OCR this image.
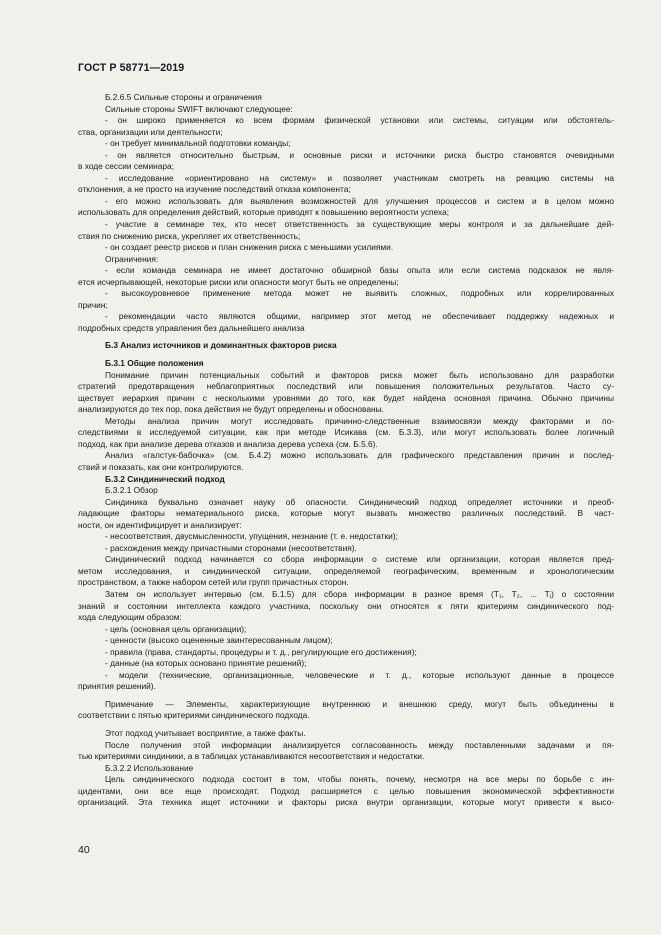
ГОСТ Р 58771—2019
Б.2.6.5 Сильные стороны и ограничения
Сильные стороны SWIFT включают следующее:
- он широко применяется ко всем формам физической установки или системы, ситуации или обстоятель-
ства, организации или деятельности;
- он требует минимальной подготовки команды;
- он является относительно быстрым, и основные риски и источники риска быстро становятся очевидными
в ходе сессии семинара;
- исследование «ориентировано на систему» и позволяет участникам смотреть на реакцию системы на
отклонения, а не просто на изучение последствий отказа компонента;
- его можно использовать для выявления возможностей для улучшения процессов и систем и в целом можно
использовать для определения действий, которые приводят к повышению вероятности успеха;
- участие в семинаре тех, кто несет ответственность за существующие меры контроля и за дальнейшие дей-
ствия по снижению риска, укрепляет их ответственность;
- он создает реестр рисков и план снижения риска с меньшими усилиями.
Ограничения:
- если команда семинара не имеет достаточно обширной базы опыта или если система подсказок не явля-
ется исчерпывающей, некоторые риски или опасности могут быть не определены;
- высокоуровневое применение метода может не выявить сложных, подробных или коррелированных
причин;
- рекомендации часто являются общими, например этот метод не обеспечивает поддержку надежных и
подробных средств управления без дальнейшего анализа
Б.3 Анализ источников и доминантных факторов риска
Б.3.1 Общие положения
Понимание причин потенциальных событий и факторов риска может быть использовано для разработки
стратегий предотвращения неблагоприятных последствий или повышения положительных результатов. Часто су-
ществует иерархия причин с несколькими уровнями до того, как будет найдена основная причина. Обычно причины
анализируются до тех пор, пока действия не будут определены и обоснованы.
Методы анализа причин могут исследовать причинно-следственные взаимосвязи между факторами и по-
следствиями в исследуемой ситуации, как при методе Исикава (см. Б.3.3), или могут использовать более логичный
подход, как при анализе дерева отказов и анализа дерева успеха (см. Б.5.6).
Анализ «галстук-бабочка» (см. Б.4.2) можно использовать для графического представления причин и послед-
ствий и показать, как они контролируются.
Б.3.2 Синдинический подход
Б.3.2.1 Обзор
Синдиника буквально означает науку об опасности. Синдинический подход определяет источники и преоб-
ладающие факторы нематериального риска, которые могут вызвать множество различных последствий. В част-
ности, он идентифицирует и анализирует:
- несоответствия, двусмысленности, упущения, незнание (т. е. недостатки);
- расхождения между причастными сторонами (несоответствия).
Синдинический подход начинается со сбора информации о системе или организации, которая является пред-
метом исследования, и синдинической ситуации, определяемой географическим, временным и хронологическим
пространством, а также набором сетей или групп причастных сторон.
Затем он использует интервью (см. Б.1.5) для сбора информации в разное время (T₁, T₂, ... Tⱼ) о состоянии
знаний и состоянии интеллекта каждого участника, поскольку они относятся к пяти критериям синдинического под-
хода следующим образом:
- цель (основная цель организации);
- ценности (высоко оцененные заинтересованным лицом);
- правила (права, стандарты, процедуры и т. д., регулирующие его достижения);
- данные (на которых основано принятие решений);
- модели (технические, организационные, человеческие и т. д., которые используют данные в процессе
принятия решений).
Примечание — Элементы, характеризующие внутреннюю и внешнюю среду, могут быть объединены в
соответствии с пятью критериями синдинического подхода.
Этот подход учитывает восприятие, а также факты.
После получения этой информации анализируется согласованность между поставленными задачами и пя-
тью критериями синдиники, а в таблицах устанавливаются несоответствия и недостатки.
Б.3.2.2 Использование
Цель синдинического подхода состоит в том, чтобы понять, почему, несмотря на все меры по борьбе с ин-
цидентами, они все еще происходят. Подход расширяется с целью повышения экономической эффективности
организаций. Эта техника ищет источники и факторы риска внутри организации, которые могут привести к высо-
40
